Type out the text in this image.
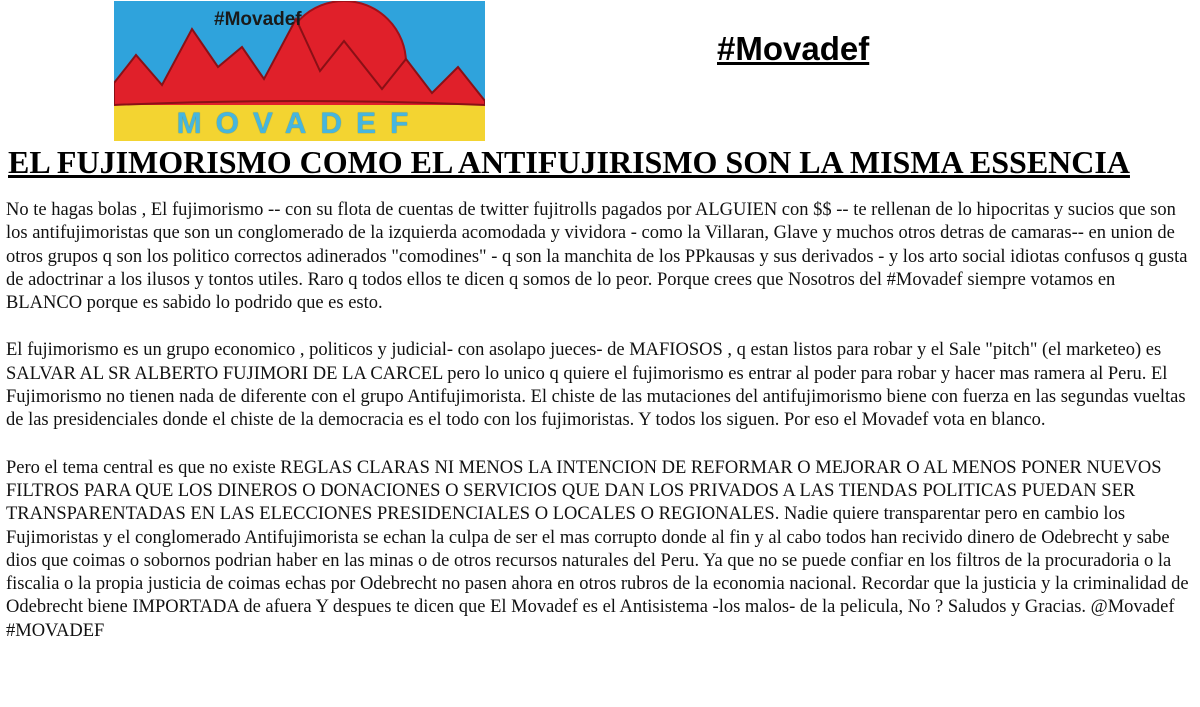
#Movadef
MOVADEF
#Movadef
EL FUJIMORISMO COMO EL ANTIFUJIRISMO SON LA MISMA ESSENCIA

No te hagas bolas , El fujimorismo -- con su flota de cuentas de twitter fujitrolls pagados por ALGUIEN con $$ -- te rellenan de lo hipocritas y sucios que son los antifujimoristas que son un conglomerado de la izquierda acomodada y vividora - como la Villaran, Glave y muchos otros detras de camaras-- en union de otros grupos q son los politico correctos adinerados "comodines" - q son la manchita de los PPkausas y sus derivados - y los arto social idiotas confusos q gusta de adoctrinar a los ilusos y tontos utiles. Raro q todos ellos te dicen q somos de lo peor. Porque crees que Nosotros del #Movadef siempre votamos en BLANCO porque es sabido lo podrido que es esto.

El fujimorismo es un grupo economico , politicos y judicial- con asolapo jueces- de MAFIOSOS , q estan listos para robar y el Sale "pitch" (el marketeo) es SALVAR AL SR ALBERTO FUJIMORI DE LA CARCEL pero lo unico q quiere el fujimorismo es entrar al poder para robar y hacer mas ramera al Peru. El Fujimorismo no tienen nada de diferente con el grupo Antifujimorista. El chiste de las mutaciones del antifujimorismo biene con fuerza en las segundas vueltas de las presidenciales donde el chiste de la democracia es el todo con los fujimoristas. Y todos los siguen. Por eso el Movadef vota en blanco.

Pero el tema central es que no existe REGLAS CLARAS NI MENOS LA INTENCION DE REFORMAR O MEJORAR O AL MENOS PONER NUEVOS FILTROS PARA QUE LOS DINEROS O DONACIONES O SERVICIOS QUE DAN LOS PRIVADOS A LAS TIENDAS POLITICAS PUEDAN SER TRANSPARENTADAS EN LAS ELECCIONES PRESIDENCIALES O LOCALES O REGIONALES. Nadie quiere transparentar pero en cambio los Fujimoristas y el conglomerado Antifujimorista se echan la culpa de ser el mas corrupto donde al fin y al cabo todos han recivido dinero de Odebrecht y sabe dios que coimas o sobornos podrian haber en las minas o de otros recursos naturales del Peru. Ya que no se puede confiar en los filtros de la procuradoria o la fiscalia o la propia justicia de coimas echas por Odebrecht no pasen ahora en otros rubros de la economia nacional. Recordar que la justicia y la criminalidad de Odebrecht biene IMPORTADA de afuera Y despues te dicen que El Movadef es el Antisistema -los malos- de la pelicula, No ? Saludos y Gracias. @Movadef #MOVADEF
